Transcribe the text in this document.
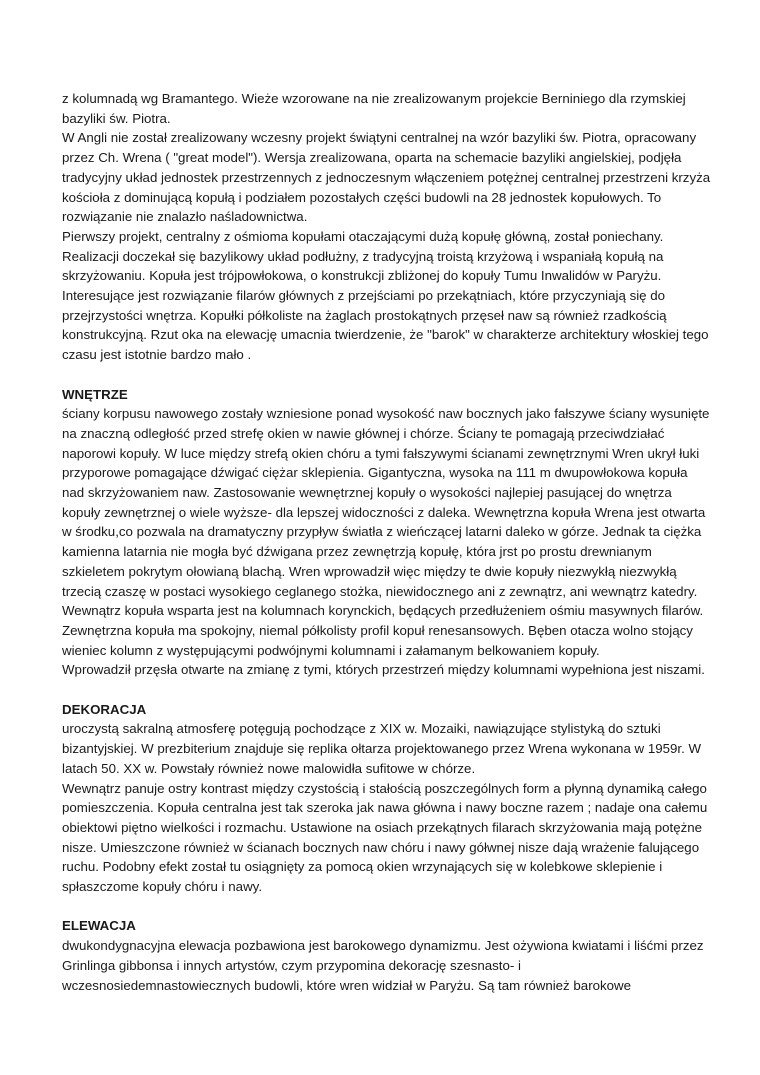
z kolumnadą wg Bramantego. Wieże wzorowane na nie zrealizowanym projekcie Berniniego dla rzymskiej bazyliki św. Piotra.

W Angli nie został zrealizowany wczesny projekt świątyni centralnej na wzór bazyliki św. Piotra, opracowany przez Ch. Wrena ( "great model"). Wersja zrealizowana, oparta na schemacie bazyliki angielskiej, podjęła tradycyjny układ jednostek przestrzennych z jednoczesnym włączeniem potężnej centralnej przestrzeni krzyża kościoła z dominującą kopułą i podziałem pozostałych części budowli na 28 jednostek kopułowych. To rozwiązanie nie znalazło naśladownictwa.

Pierwszy projekt, centralny z ośmioma kopułami otaczającymi dużą kopułę główną, został poniechany. Realizacji doczekał się bazylikowy układ podłużny, z tradycyjną troistą krzyżową i wspaniałą kopułą na skrzyżowaniu. Kopuła jest trójpowłokowa, o konstrukcji zbliżonej do kopuły Tumu Inwalidów w Paryżu. Interesujące jest rozwiązanie filarów głównych z przejściami po przekątniach, które przyczyniają się do przejrzystości wnętrza. Kopułki półkoliste na żaglach prostokątnych przęseł naw są również rzadkością konstrukcyjną. Rzut oka na elewację umacnia twierdzenie, że "barok" w charakterze architektury włoskiej tego czasu jest istotnie bardzo mało .

WNĘTRZE

ściany korpusu nawowego zostały wzniesione ponad wysokość naw bocznych jako fałszywe ściany wysunięte na znaczną odległość przed strefę okien w nawie głównej i chórze. Ściany te pomagają przeciwdziałać naporowi kopuły. W luce między strefą okien chóru a tymi fałszywymi ścianami zewnętrznymi Wren ukrył łuki przyporowe pomagające dźwigać ciężar sklepienia. Gigantyczna, wysoka na 111 m dwupowłokowa kopuła nad skrzyżowaniem naw. Zastosowanie wewnętrznej kopuły o wysokości najlepiej pasującej do wnętrza kopuły zewnętrznej o wiele wyższe- dla lepszej widoczności z daleka. Wewnętrzna kopuła Wrena jest otwarta w środku,co pozwala na dramatyczny przypływ światła z wieńczącej latarni daleko w górze. Jednak ta ciężka kamienna latarnia nie mogła być dźwigana przez zewnętrzją kopułę, która jrst po prostu drewnianym szkieletem pokrytym ołowianą blachą. Wren wprowadził więc między te dwie kopuły niezwykłą niezwykłą trzecią czaszę w postaci wysokiego ceglanego stożka, niewidocznego ani z zewnątrz, ani wewnątrz katedry. Wewnątrz kopuła wsparta jest na kolumnach korynckich, będących przedłużeniem ośmiu masywnych filarów. Zewnętrzna kopuła ma spokojny, niemal półkolisty profil kopuł renesansowych. Bęben otacza wolno stojący wieniec kolumn z występującymi podwójnymi kolumnami i załamanym belkowaniem kopuły.

Wprowadził przęsła otwarte na zmianę z tymi, których przestrzeń między kolumnami wypełniona jest niszami.

DEKORACJA

uroczystą sakralną atmosferę potęgują pochodzące z XIX w. Mozaiki, nawiązujące stylistyką do sztuki bizantyjskiej. W prezbiterium znajduje się replika ołtarza projektowanego przez Wrena wykonana w 1959r. W latach 50. XX w. Powstały również nowe malowidła sufitowe w chórze.

Wewnątrz panuje ostry kontrast między czystością i stałością poszczególnych form a płynną dynamiką całego pomieszczenia. Kopuła centralna jest tak szeroka jak nawa główna i nawy boczne razem ; nadaje ona całemu obiektowi piętno wielkości i rozmachu. Ustawione na osiach przekątnych filarach skrzyżowania mają potężne nisze. Umieszczone również w ścianach bocznych naw chóru i nawy gółwnej nisze dają wrażenie falującego ruchu. Podobny efekt został tu osiągnięty za pomocą okien wrzynających się w kolebkowe sklepienie i spłaszczome kopuły chóru i nawy.

ELEWACJA

dwukondygnacyjna elewacja pozbawiona jest barokowego dynamizmu. Jest ożywiona kwiatami i liśćmi przez Grinlinga gibbonsa i innych artystów, czym przypomina dekorację szesnasto- i wczesnosiedemnastowiecznych budowli, które wren widział w Paryżu. Są tam również barokowe
